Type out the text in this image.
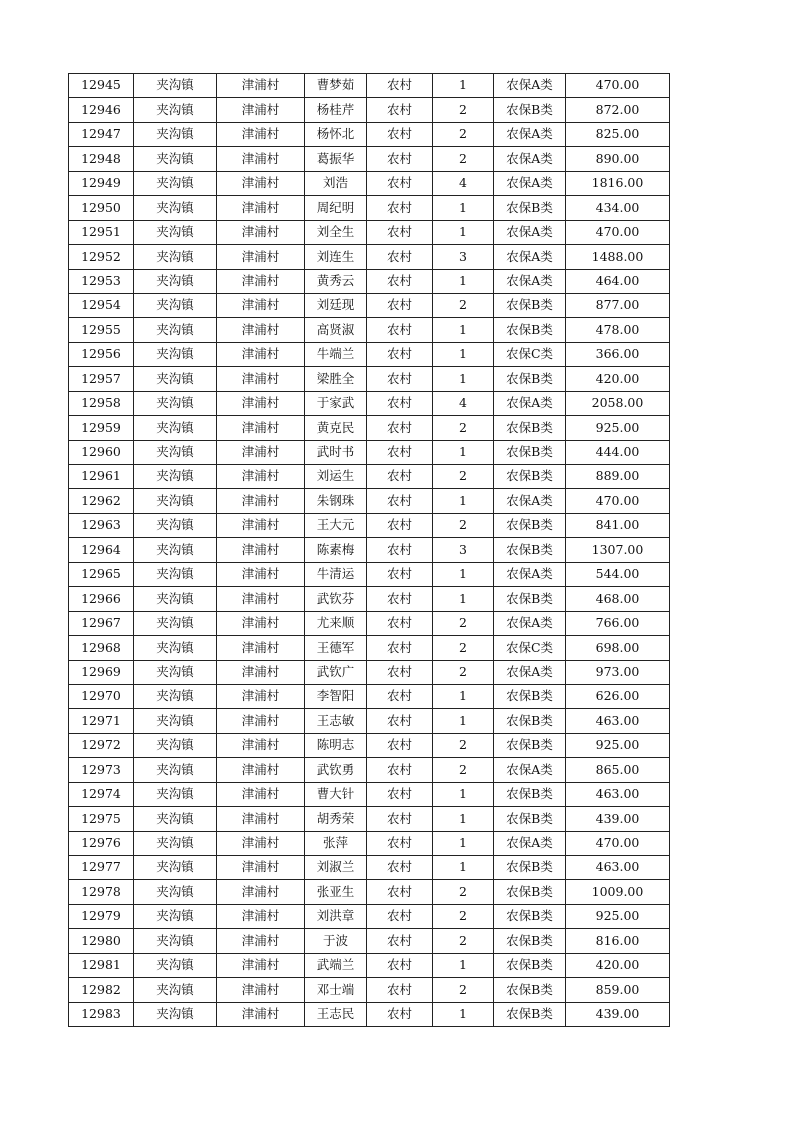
12945	夹沟镇	津浦村	曹梦茹	农村	1	农保A类	470.00
12946	夹沟镇	津浦村	杨桂芹	农村	2	农保B类	872.00
12947	夹沟镇	津浦村	杨怀北	农村	2	农保A类	825.00
12948	夹沟镇	津浦村	葛振华	农村	2	农保A类	890.00
12949	夹沟镇	津浦村	刘浩	农村	4	农保A类	1816.00
12950	夹沟镇	津浦村	周纪明	农村	1	农保B类	434.00
12951	夹沟镇	津浦村	刘全生	农村	1	农保A类	470.00
12952	夹沟镇	津浦村	刘连生	农村	3	农保A类	1488.00
12953	夹沟镇	津浦村	黄秀云	农村	1	农保A类	464.00
12954	夹沟镇	津浦村	刘廷现	农村	2	农保B类	877.00
12955	夹沟镇	津浦村	高贤淑	农村	1	农保B类	478.00
12956	夹沟镇	津浦村	牛端兰	农村	1	农保C类	366.00
12957	夹沟镇	津浦村	梁胜全	农村	1	农保B类	420.00
12958	夹沟镇	津浦村	于家武	农村	4	农保A类	2058.00
12959	夹沟镇	津浦村	黄克民	农村	2	农保B类	925.00
12960	夹沟镇	津浦村	武时书	农村	1	农保B类	444.00
12961	夹沟镇	津浦村	刘运生	农村	2	农保B类	889.00
12962	夹沟镇	津浦村	朱钢珠	农村	1	农保A类	470.00
12963	夹沟镇	津浦村	王大元	农村	2	农保B类	841.00
12964	夹沟镇	津浦村	陈素梅	农村	3	农保B类	1307.00
12965	夹沟镇	津浦村	牛清运	农村	1	农保A类	544.00
12966	夹沟镇	津浦村	武钦芬	农村	1	农保B类	468.00
12967	夹沟镇	津浦村	尤来顺	农村	2	农保A类	766.00
12968	夹沟镇	津浦村	王德军	农村	2	农保C类	698.00
12969	夹沟镇	津浦村	武钦广	农村	2	农保A类	973.00
12970	夹沟镇	津浦村	李智阳	农村	1	农保B类	626.00
12971	夹沟镇	津浦村	王志敏	农村	1	农保B类	463.00
12972	夹沟镇	津浦村	陈明志	农村	2	农保B类	925.00
12973	夹沟镇	津浦村	武钦勇	农村	2	农保A类	865.00
12974	夹沟镇	津浦村	曹大针	农村	1	农保B类	463.00
12975	夹沟镇	津浦村	胡秀荣	农村	1	农保B类	439.00
12976	夹沟镇	津浦村	张萍	农村	1	农保A类	470.00
12977	夹沟镇	津浦村	刘淑兰	农村	1	农保B类	463.00
12978	夹沟镇	津浦村	张亚生	农村	2	农保B类	1009.00
12979	夹沟镇	津浦村	刘洪章	农村	2	农保B类	925.00
12980	夹沟镇	津浦村	于波	农村	2	农保B类	816.00
12981	夹沟镇	津浦村	武端兰	农村	1	农保B类	420.00
12982	夹沟镇	津浦村	邓士端	农村	2	农保B类	859.00
12983	夹沟镇	津浦村	王志民	农村	1	农保B类	439.00
